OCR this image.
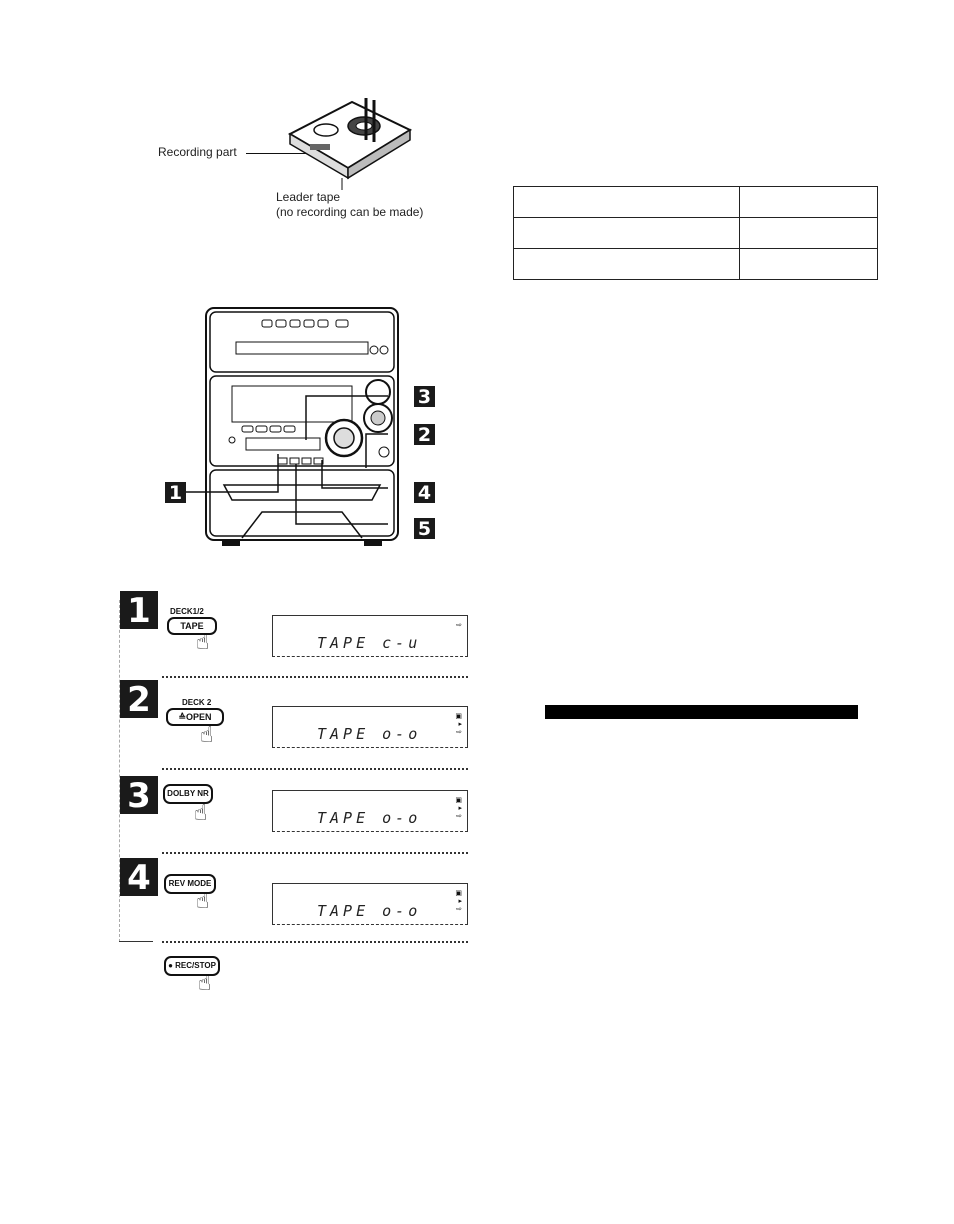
Recording part
Leader tape
(no recording can be made)

3
2
1	4
5
1	DECK1/2
TAPE
☝
⇨
TAPE c-u
2	DECK 2
≙OPEN
☝
▣
▸
⇨
TAPE o-o
3	DOLBY NR
☝	▣
▸
⇨
TAPE o-o
4	REV MODE
☝	▣
▸
⇨
TAPE o-o
● REC/STOP
☝
